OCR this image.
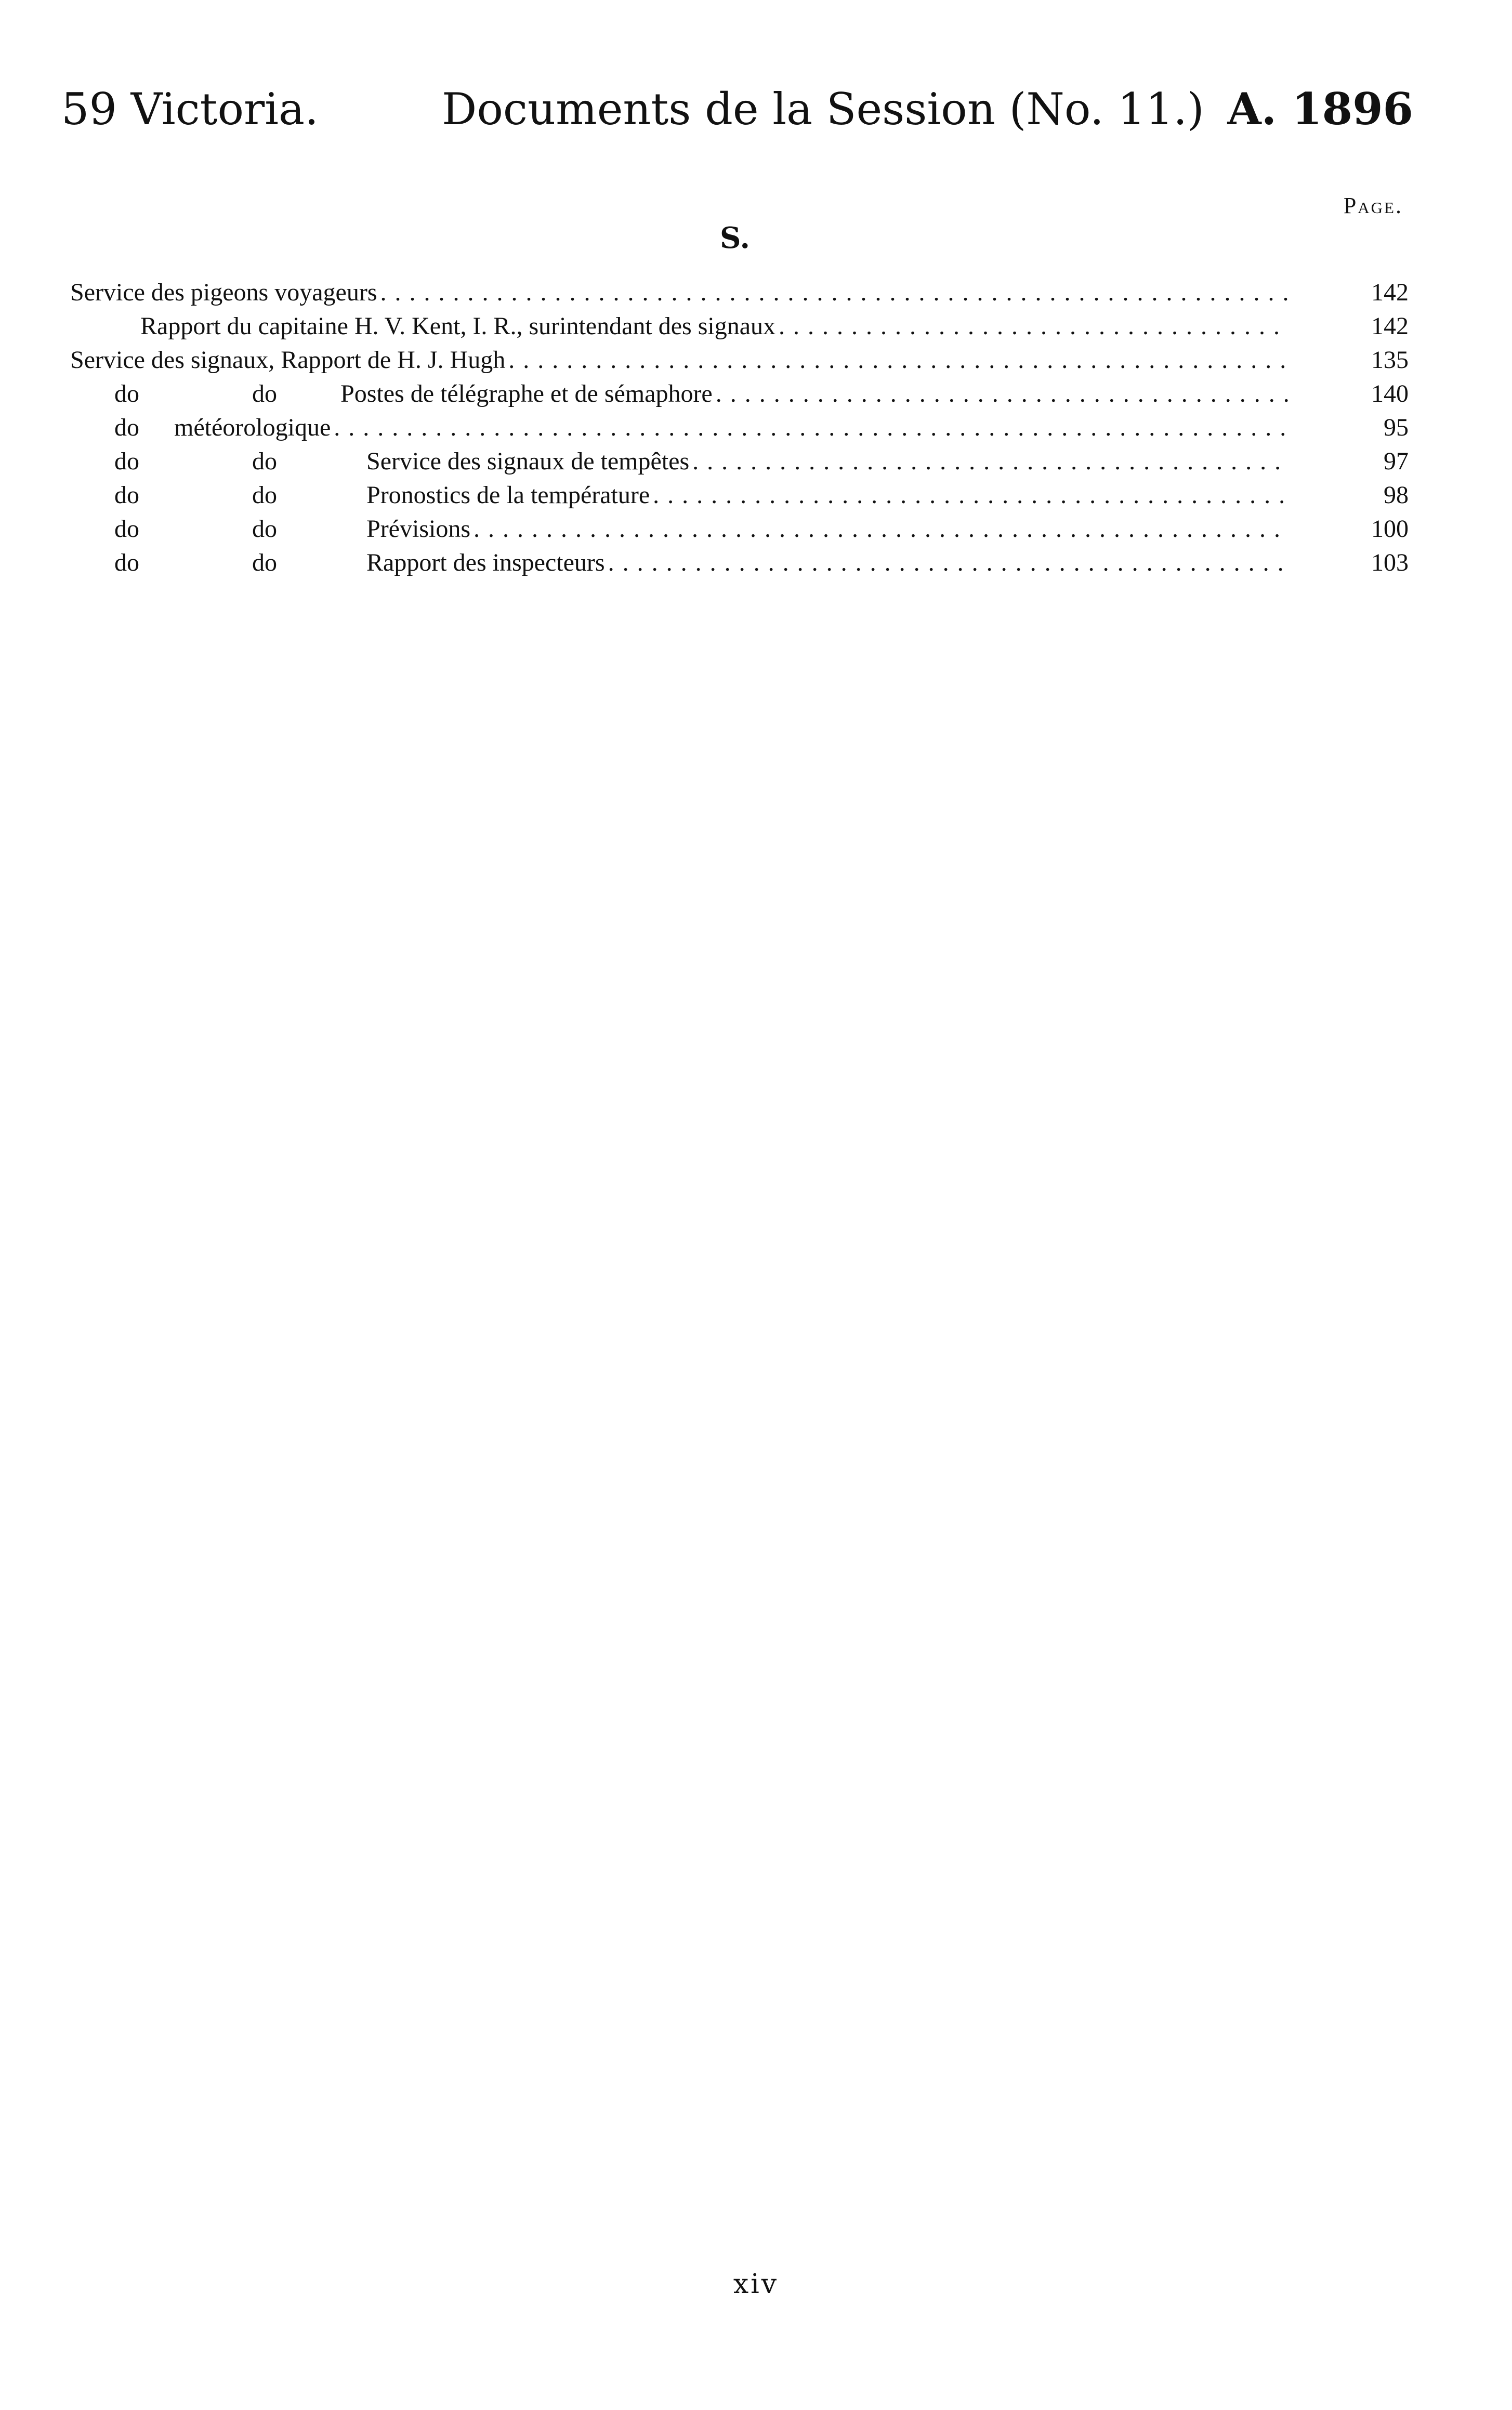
59 Victoria.	Documents de la Session (No. 11.) A. 1896
Page.
S.
Service des pigeons voyageurs . . .	142
Rapport du capitaine H. V. Kent, I. R., surintendant des signaux . . .	142
Service des signaux, Rapport de H. J. Hugh . . .	135
do	do	Postes de télégraphe et de sémaphore . . .	140
do météorologique . . .	95
do	do	Service des signaux de tempêtes . . .	97
do	do	Pronostics de la température . . .	98
do	do	Prévisions . . .	100
do	do	Rapport des inspecteurs . . .	103
xiv
